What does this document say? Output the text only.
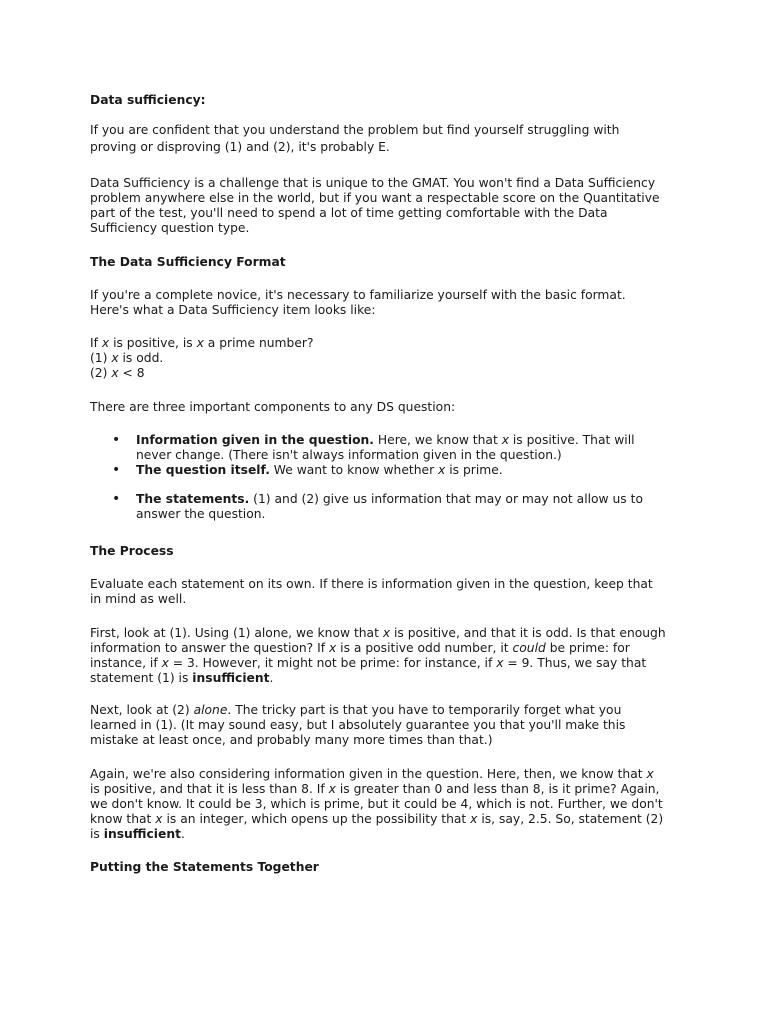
Data sufficiency:

If you are confident that you understand the problem but find yourself struggling with

proving or disproving (1) and (2), it's probably E.

Data Sufficiency is a challenge that is unique to the GMAT. You won't find a Data Sufficiency

problem anywhere else in the world, but if you want a respectable score on the Quantitative

part of the test, you'll need to spend a lot of time getting comfortable with the Data

Sufficiency question type.

The Data Sufficiency Format

If you're a complete novice, it's necessary to familiarize yourself with the basic format.

Here's what a Data Sufficiency item looks like:

If x is positive, is x a prime number?

(1) x is odd.

(2) x < 8

There are three important components to any DS question:

• Information given in the question. Here, we know that x is positive. That will
never change. (There isn't always information given in the question.)
• The question itself. We want to know whether x is prime.
• The statements. (1) and (2) give us information that may or may not allow us to
answer the question.

The Process

Evaluate each statement on its own. If there is information given in the question, keep that

in mind as well.

First, look at (1). Using (1) alone, we know that x is positive, and that it is odd. Is that enough

information to answer the question? If x is a positive odd number, it could be prime: for

instance, if x = 3. However, it might not be prime: for instance, if x = 9. Thus, we say that

statement (1) is insufficient.

Next, look at (2) alone. The tricky part is that you have to temporarily forget what you

learned in (1). (It may sound easy, but I absolutely guarantee you that you'll make this

mistake at least once, and probably many more times than that.)

Again, we're also considering information given in the question. Here, then, we know that x

is positive, and that it is less than 8. If x is greater than 0 and less than 8, is it prime? Again,

we don't know. It could be 3, which is prime, but it could be 4, which is not. Further, we don't

know that x is an integer, which opens up the possibility that x is, say, 2.5. So, statement (2)

is insufficient.

Putting the Statements Together
